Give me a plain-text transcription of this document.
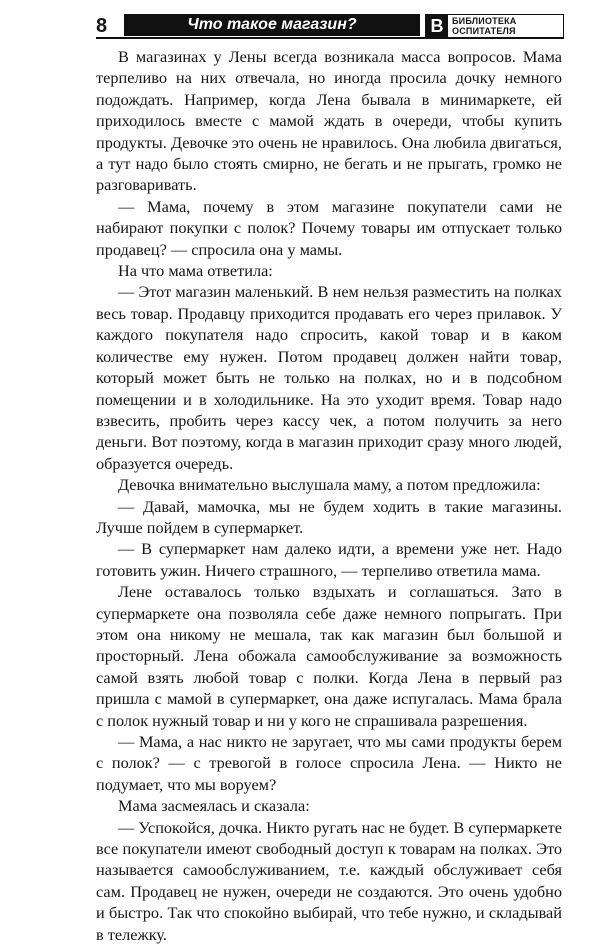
8	Что такое магазин?	В БИБЛИОТЕКА
ОСПИТАТЕЛЯ

В магазинах у Лены всегда возникала масса вопросов. Мама терпеливо на них отвечала, но иногда просила дочку немного подождать. Например, когда Лена бывала в минимаркете, ей приходилось вместе с мамой ждать в очереди, чтобы купить продукты. Девочке это очень не нравилось. Она любила двигаться, а тут надо было стоять смирно, не бегать и не прыгать, громко не разговаривать.

— Мама, почему в этом магазине покупатели сами не набирают покупки с полок? Почему товары им отпускает только продавец? — спросила она у мамы.

На что мама ответила:

— Этот магазин маленький. В нем нельзя разместить на полках весь товар. Продавцу приходится продавать его через прилавок. У каждого покупателя надо спросить, какой товар и в каком количестве ему нужен. Потом продавец должен найти товар, который может быть не только на полках, но и в подсобном помещении и в холодильнике. На это уходит время. Товар надо взвесить, пробить через кассу чек, а потом получить за него деньги. Вот поэтому, когда в магазин приходит сразу много людей, образуется очередь.

Девочка внимательно выслушала маму, а потом предложила:

— Давай, мамочка, мы не будем ходить в такие магазины. Лучше пойдем в супермаркет.

— В супермаркет нам далеко идти, а времени уже нет. Надо готовить ужин. Ничего страшного, — терпеливо ответила мама.

Лене оставалось только вздыхать и соглашаться. Зато в супермаркете она позволяла себе даже немного попрыгать. При этом она никому не мешала, так как магазин был большой и просторный. Лена обожала самообслуживание за возможность самой взять любой товар с полки. Когда Лена в первый раз пришла с мамой в супермаркет, она даже испугалась. Мама брала с полок нужный товар и ни у кого не спрашивала разрешения.

— Мама, а нас никто не заругает, что мы сами продукты берем с полок? — с тревогой в голосе спросила Лена. — Никто не подумает, что мы воруем?

Мама засмеялась и сказала:

— Успокойся, дочка. Никто ругать нас не будет. В супермаркете все покупатели имеют свободный доступ к товарам на полках. Это называется самообслуживанием, т.е. каждый обслуживает себя сам. Продавец не нужен, очереди не создаются. Это очень удобно и быстро. Так что спокойно выбирай, что тебе нужно, и складывай в тележку.
